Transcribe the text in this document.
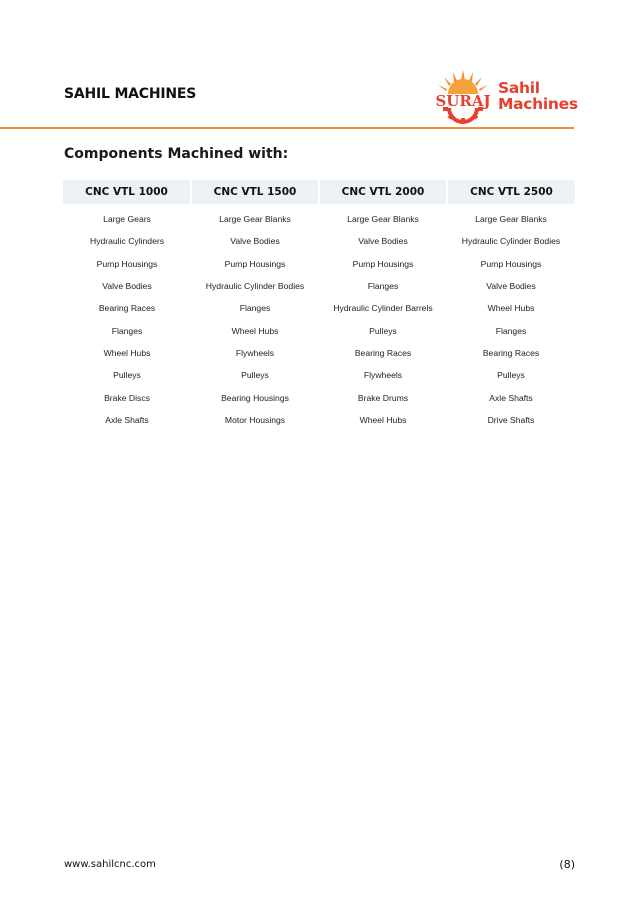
SAHIL MACHINES	SURAJ
Sahil
Machines
Components Machined with:
CNC VTL 1000	CNC VTL 1500	CNC VTL 2000	CNC VTL 2500
Large Gears	Large Gear Blanks	Large Gear Blanks	Large Gear Blanks
Hydraulic Cylinders	Valve Bodies	Valve Bodies	Hydraulic Cylinder Bodies
Pump Housings	Pump Housings	Pump Housings	Pump Housings
Valve Bodies	Hydraulic Cylinder Bodies	Flanges	Valve Bodies
Bearing Races	Flanges	Hydraulic Cylinder Barrels	Wheel Hubs
Flanges	Wheel Hubs	Pulleys	Flanges
Wheel Hubs	Flywheels	Bearing Races	Bearing Races
Pulleys	Pulleys	Flywheels	Pulleys
Brake Discs	Bearing Housings	Brake Drums	Axle Shafts
Axle Shafts	Motor Housings	Wheel Hubs	Drive Shafts
www.sahilcnc.com	(8)
